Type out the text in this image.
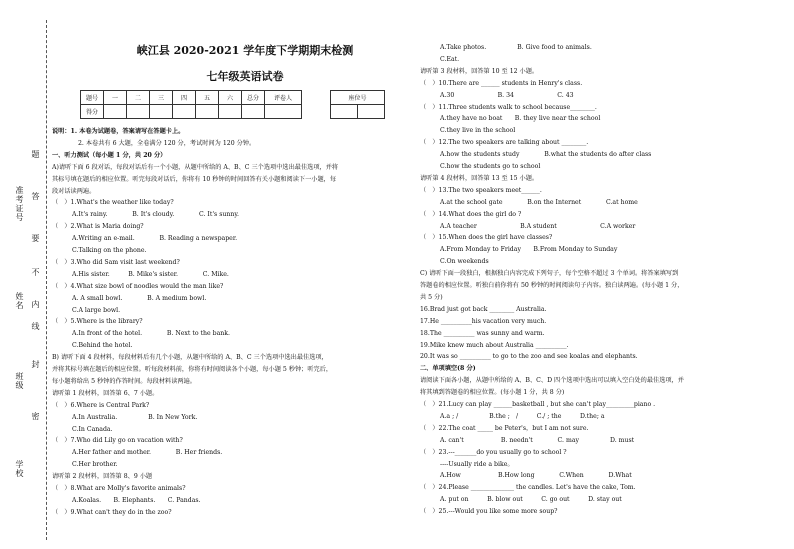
学校
班级
姓名
准考证号
题
答
要
不
内
线
封
密
峡江县 2020-2021 学年度下学期期末检测
七年级英语试卷
题号	一	二	三	四	五	六	总分	评卷人
得分								
座位号

说明：1. 本卷为试题卷，答案请写在答题卡上。
2. 本卷共有 6 大题，全卷满分 120 分，考试时间为 120 分钟。
一、听力测试（每小题 1 分，共 20 分）
A)请听下面 6 段对话，每段对话后有一个小题，从题中所给的 A、B、C 三个选项中选出最佳选项，并将
其标号填在题后的相应位置。听完每段对话后，你将有 10 秒钟的时间回答有关小题和阅读下一小题，每
段对话读两遍。
（　）1.What's the weather like today?
A.It's rainy.　　　　B. It's cloudy.　　　　C. It's sunny.
（　）2.What is Maria doing?
A.Writing an e-mail.　　　　B. Reading a newspaper.
C.Talking on the phone.
（　）3.Who did Sam visit last weekend?
A.His sister.　　　B. Mike's sister.　　　　C. Mike.
（　）4.What size bowl of noodles would the man like?
A. A small bowl.　　　　B. A medium bowl.
C.A large bowl.
（　）5.Where is the library?
A.In front of the hotel.　　　　B. Next to the bank.
C.Behind the hotel.
B) 请听下面 4 段材料，每段材料后有几个小题，从题中所给的 A、B、C 三个选项中选出最佳选项，
并将其标号填在题后的相应位置。听每段材料前，你将有时间阅读各个小题，每小题 5 秒钟；听完后，
每小题将给出 5 秒钟的作答时间。每段材料读两遍。
请听第 1 段材料，回答第 6、7 小题。
（　）6.Where is Central Park?
A.In Australia.　　　　　B. In New York.
C.In Canada.
（　）7.Who did Lily go on vacation with?
A.Her father and mother.　　　　B. Her friends.
C.Her brother.
请听第 2 段材料，回答第 8、9 小题
（　）8.What are Molly's favorite animals?
A.Koalas.　　B. Elephants.　　C. Pandas.
（　）9.What can't they do in the zoo?
A.Take photos.　　　　　B. Give food to animals.
C.Eat.
请听第 3 段材料，回答第 10 至 12 小题。
（　）10.There are ______ students in Henry's class.
A.30　　　　　　　B. 34　　　　　　　C. 43
（　）11.Three students walk to school because________.
A.they have no boat　　B. they live near the school
C.they live in the school
（　）12.The two speakers are talking about ________.
A.how the students study　　　　B.what the students do after class
C.how the students go to school
请听第 4 段材料，回答第 13 至 15 小题。
（　）13.The two speakers meet______.
A.at the school gate　　　　B.on the Internet　　　　C.at home
（　）14.What does the girl do ?
A.A teacher　　　　　　　B.A student　　　　　　　C.A worker
（　）15.When does the girl have classes?
A.From Monday to Friday　　B.From Monday to Sunday
C.On weekends
C) 请听下面一段独白，根据独白内容完成下列句子，每个空格不超过 3 个单词。将答案填写到
答题卷的相应位置。听独白前你将有 50 秒钟的时间阅读句子内容。独白读两遍。(每小题 1 分，
共 5 分)
16.Brad just got back ________ Australia.
17.He __________his vacation very much.
18.The __________ was sunny and warm.
19.Mike knew much about Australia __________.
20.It was so __________ to go to the zoo and see koalas and elephants.
二、单项填空(8 分)
请阅读下面各小题，从题中所给的 A、B、C、D 四个选项中选出可以填入空白处的最佳选项，并
将其填到答题卷的相应位置。(每小题 1 分，共 8 分)
（　）21.Lucy can play ______basketball , but she can't play_________piano .
A.a ; /　　　　　B.the ;　/　　　C./ ; the　　　D.the; a
（　）22.The coat _____ be Peter's，but I am not sure.
A. can't　　　　　　B. needn't　　　　C. may　　　　　D. must
（　）23.---_______do you usually go to school ?
----Usually ride a bike。
A.How　　　　　　B.How long　　　　C.When　　　　D.What
（　）24.Please ______________ the candles. Let's have the cake, Tom.
A. put on　　　B. blow out　　　C. go out　　　D. stay out
（　）25.---Would you like some more soup?
